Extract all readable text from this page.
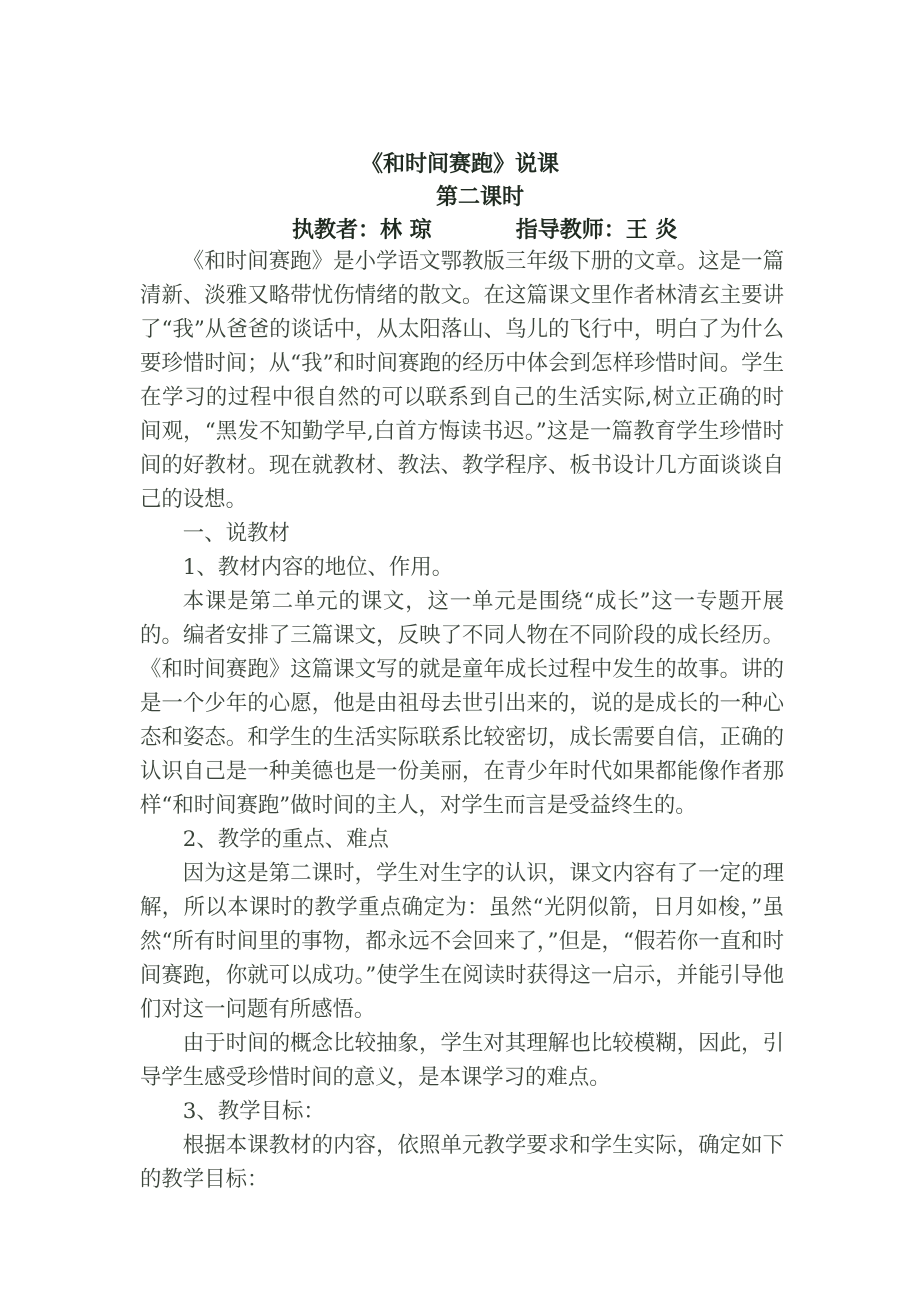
《和时间赛跑》说课
第二课时
执教者：林 琼	指导教师：王 炎

《和时间赛跑》是小学语文鄂教版三年级下册的文章。这是一篇清新、淡雅又略带忧伤情绪的散文。在这篇课文里作者林清玄主要讲了“我”从爸爸的谈话中，从太阳落山、鸟儿的飞行中，明白了为什么要珍惜时间；从“我”和时间赛跑的经历中体会到怎样珍惜时间。学生在学习的过程中很自然的可以联系到自己的生活实际,树立正确的时间观，“黑发不知勤学早,白首方悔读书迟。”这是一篇教育学生珍惜时间的好教材。现在就教材、教法、教学程序、板书设计几方面谈谈自己的设想。

一、说教材

1、教材内容的地位、作用。

本课是第二单元的课文，这一单元是围绕“成长”这一专题开展的。编者安排了三篇课文，反映了不同人物在不同阶段的成长经历。《和时间赛跑》这篇课文写的就是童年成长过程中发生的故事。讲的是一个少年的心愿，他是由祖母去世引出来的，说的是成长的一种心态和姿态。和学生的生活实际联系比较密切，成长需要自信，正确的认识自己是一种美德也是一份美丽，在青少年时代如果都能像作者那样“和时间赛跑”做时间的主人，对学生而言是受益终生的。

2、教学的重点、难点

因为这是第二课时，学生对生字的认识，课文内容有了一定的理解，所以本课时的教学重点确定为：虽然“光阴似箭，日月如梭，”虽然“所有时间里的事物，都永远不会回来了，”但是，“假若你一直和时间赛跑，你就可以成功。”使学生在阅读时获得这一启示，并能引导他们对这一问题有所感悟。

由于时间的概念比较抽象，学生对其理解也比较模糊，因此，引导学生感受珍惜时间的意义，是本课学习的难点。

3、教学目标：

根据本课教材的内容，依照单元教学要求和学生实际，确定如下的教学目标：
